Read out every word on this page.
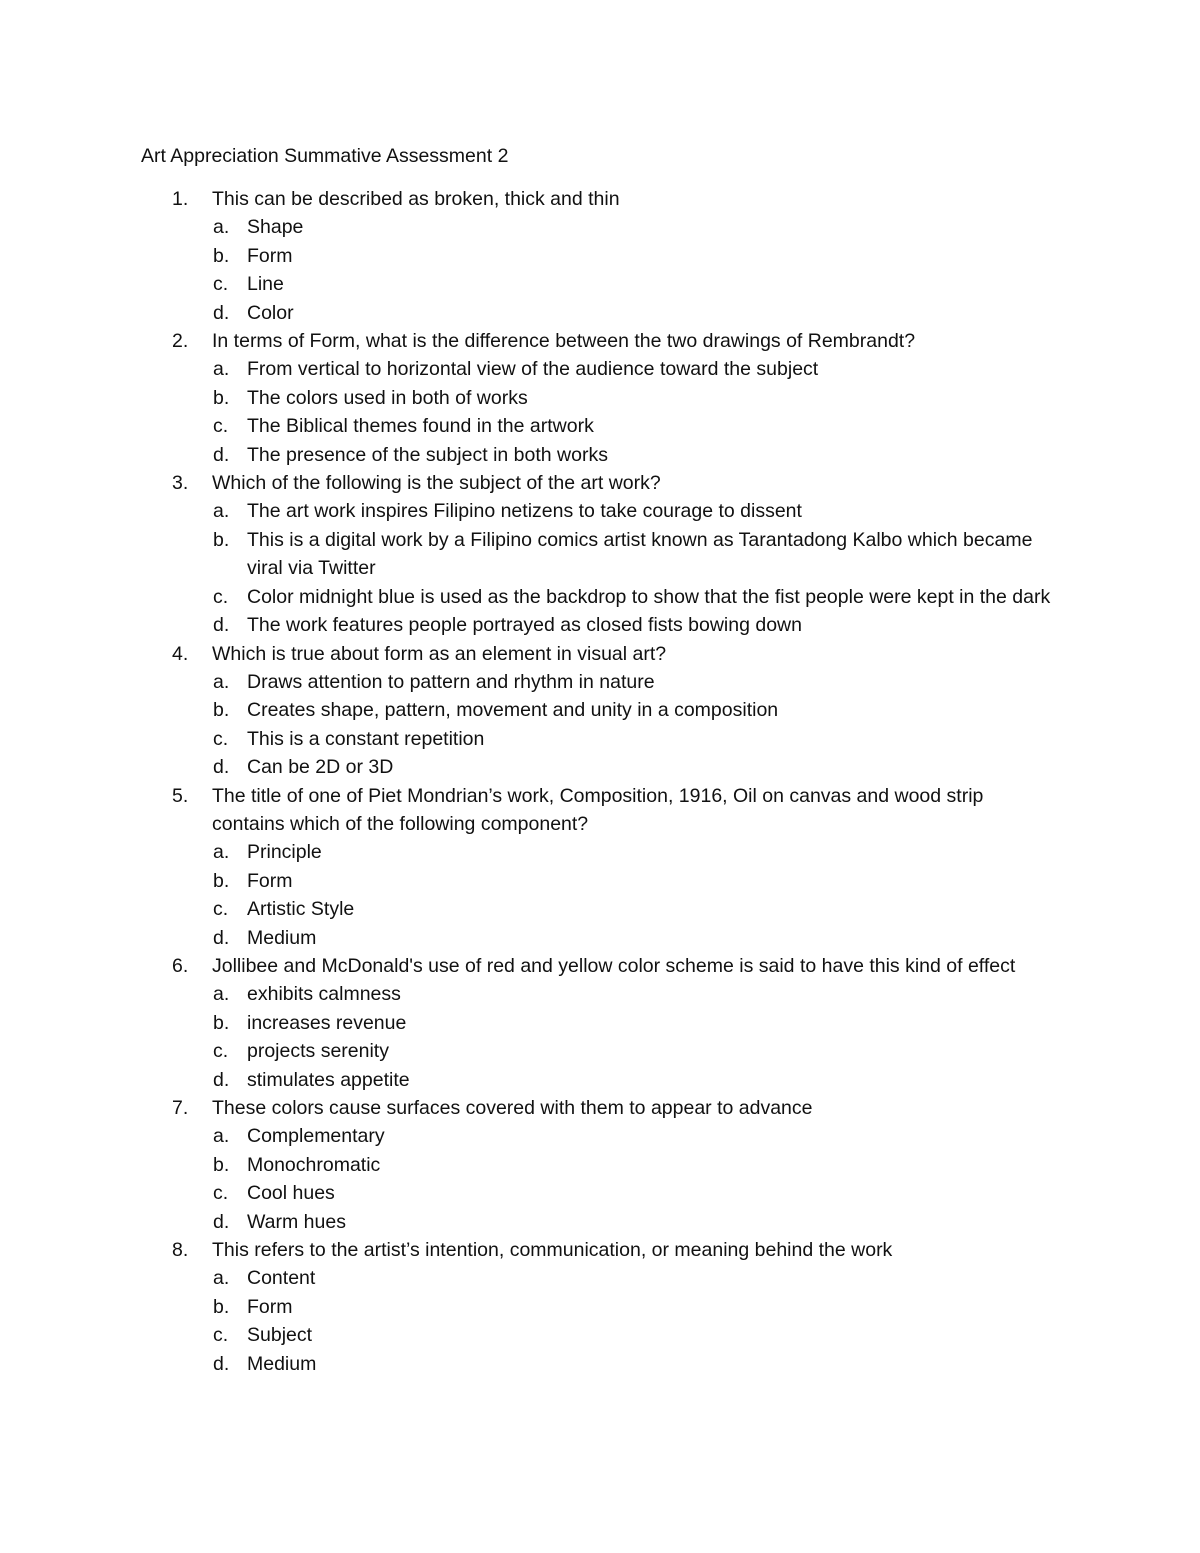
Art Appreciation Summative Assessment 2
1.	This can be described as broken, thick and thin
a. Shape
b. Form
c. Line
d. Color
2.	In terms of Form, what is the difference between the two drawings of Rembrandt?
a. From vertical to horizontal view of the audience toward the subject
b. The colors used in both of works
c. The Biblical themes found in the artwork
d. The presence of the subject in both works
3.	Which of the following is the subject of the art work?
a. The art work inspires Filipino netizens to take courage to dissent
b. This is a digital work by a Filipino comics artist known as Tarantadong Kalbo which became viral via Twitter
c. Color midnight blue is used as the backdrop to show that the fist people were kept in the dark
d. The work features people portrayed as closed fists bowing down
4.	Which is true about form as an element in visual art?
a. Draws attention to pattern and rhythm in nature
b. Creates shape, pattern, movement and unity in a composition
c. This is a constant repetition
d. Can be 2D or 3D
5.	The title of one of Piet Mondrian’s work, Composition, 1916, Oil on canvas and wood strip contains which of the following component?
a. Principle
b. Form
c. Artistic Style
d. Medium
6.	Jollibee and McDonald's use of red and yellow color scheme is said to have this kind of effect
a. exhibits calmness
b. increases revenue
c. projects serenity
d. stimulates appetite
7.	These colors cause surfaces covered with them to appear to advance
a. Complementary
b. Monochromatic
c. Cool hues
d. Warm hues
8.	This refers to the artist’s intention, communication, or meaning behind the work
a. Content
b. Form
c. Subject
d. Medium
